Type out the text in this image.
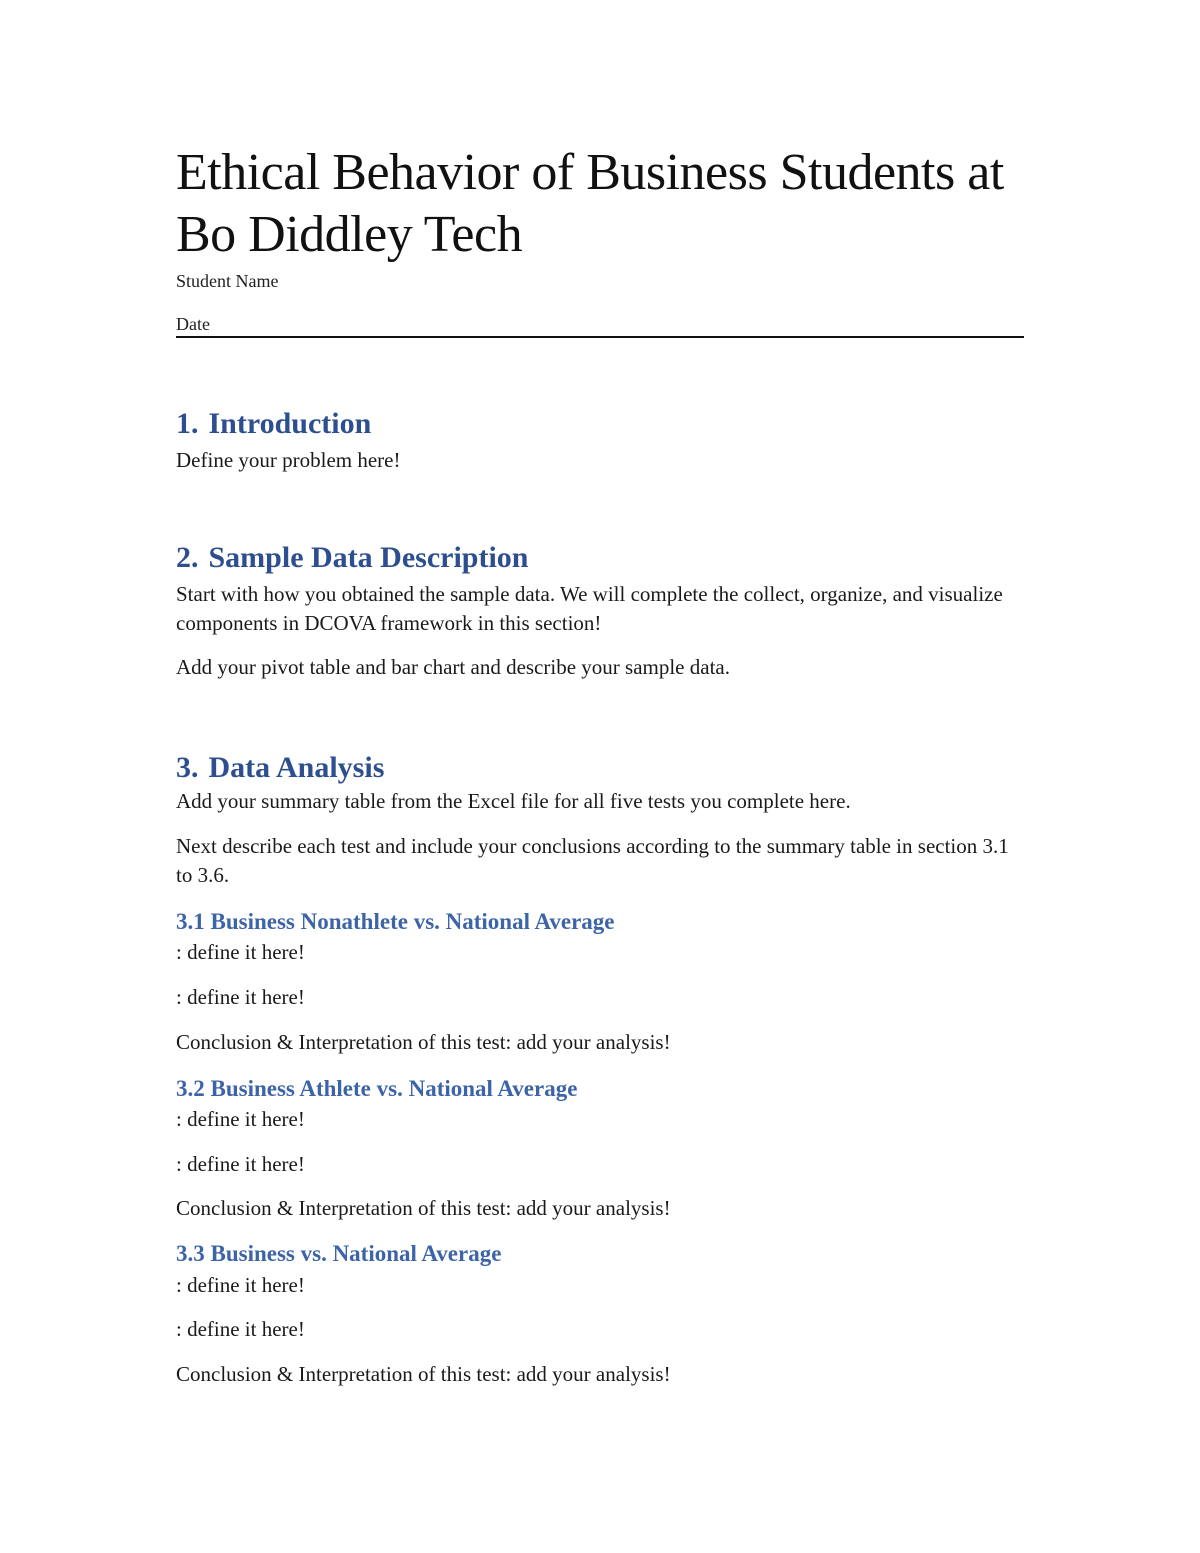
Ethical Behavior of Business Students at Bo Diddley Tech
Student Name
Date
1. Introduction

Define your problem here!

2. Sample Data Description

Start with how you obtained the sample data. We will complete the collect, organize, and visualize components in DCOVA framework in this section!

Add your pivot table and bar chart and describe your sample data.

3. Data Analysis

Add your summary table from the Excel file for all five tests you complete here.

Next describe each test and include your conclusions according to the summary table in section 3.1 to 3.6.

3.1 Business Nonathlete vs. National Average

: define it here!

: define it here!

Conclusion & Interpretation of this test: add your analysis!

3.2 Business Athlete vs. National Average

: define it here!

: define it here!

Conclusion & Interpretation of this test: add your analysis!

3.3 Business vs. National Average

: define it here!

: define it here!

Conclusion & Interpretation of this test: add your analysis!
